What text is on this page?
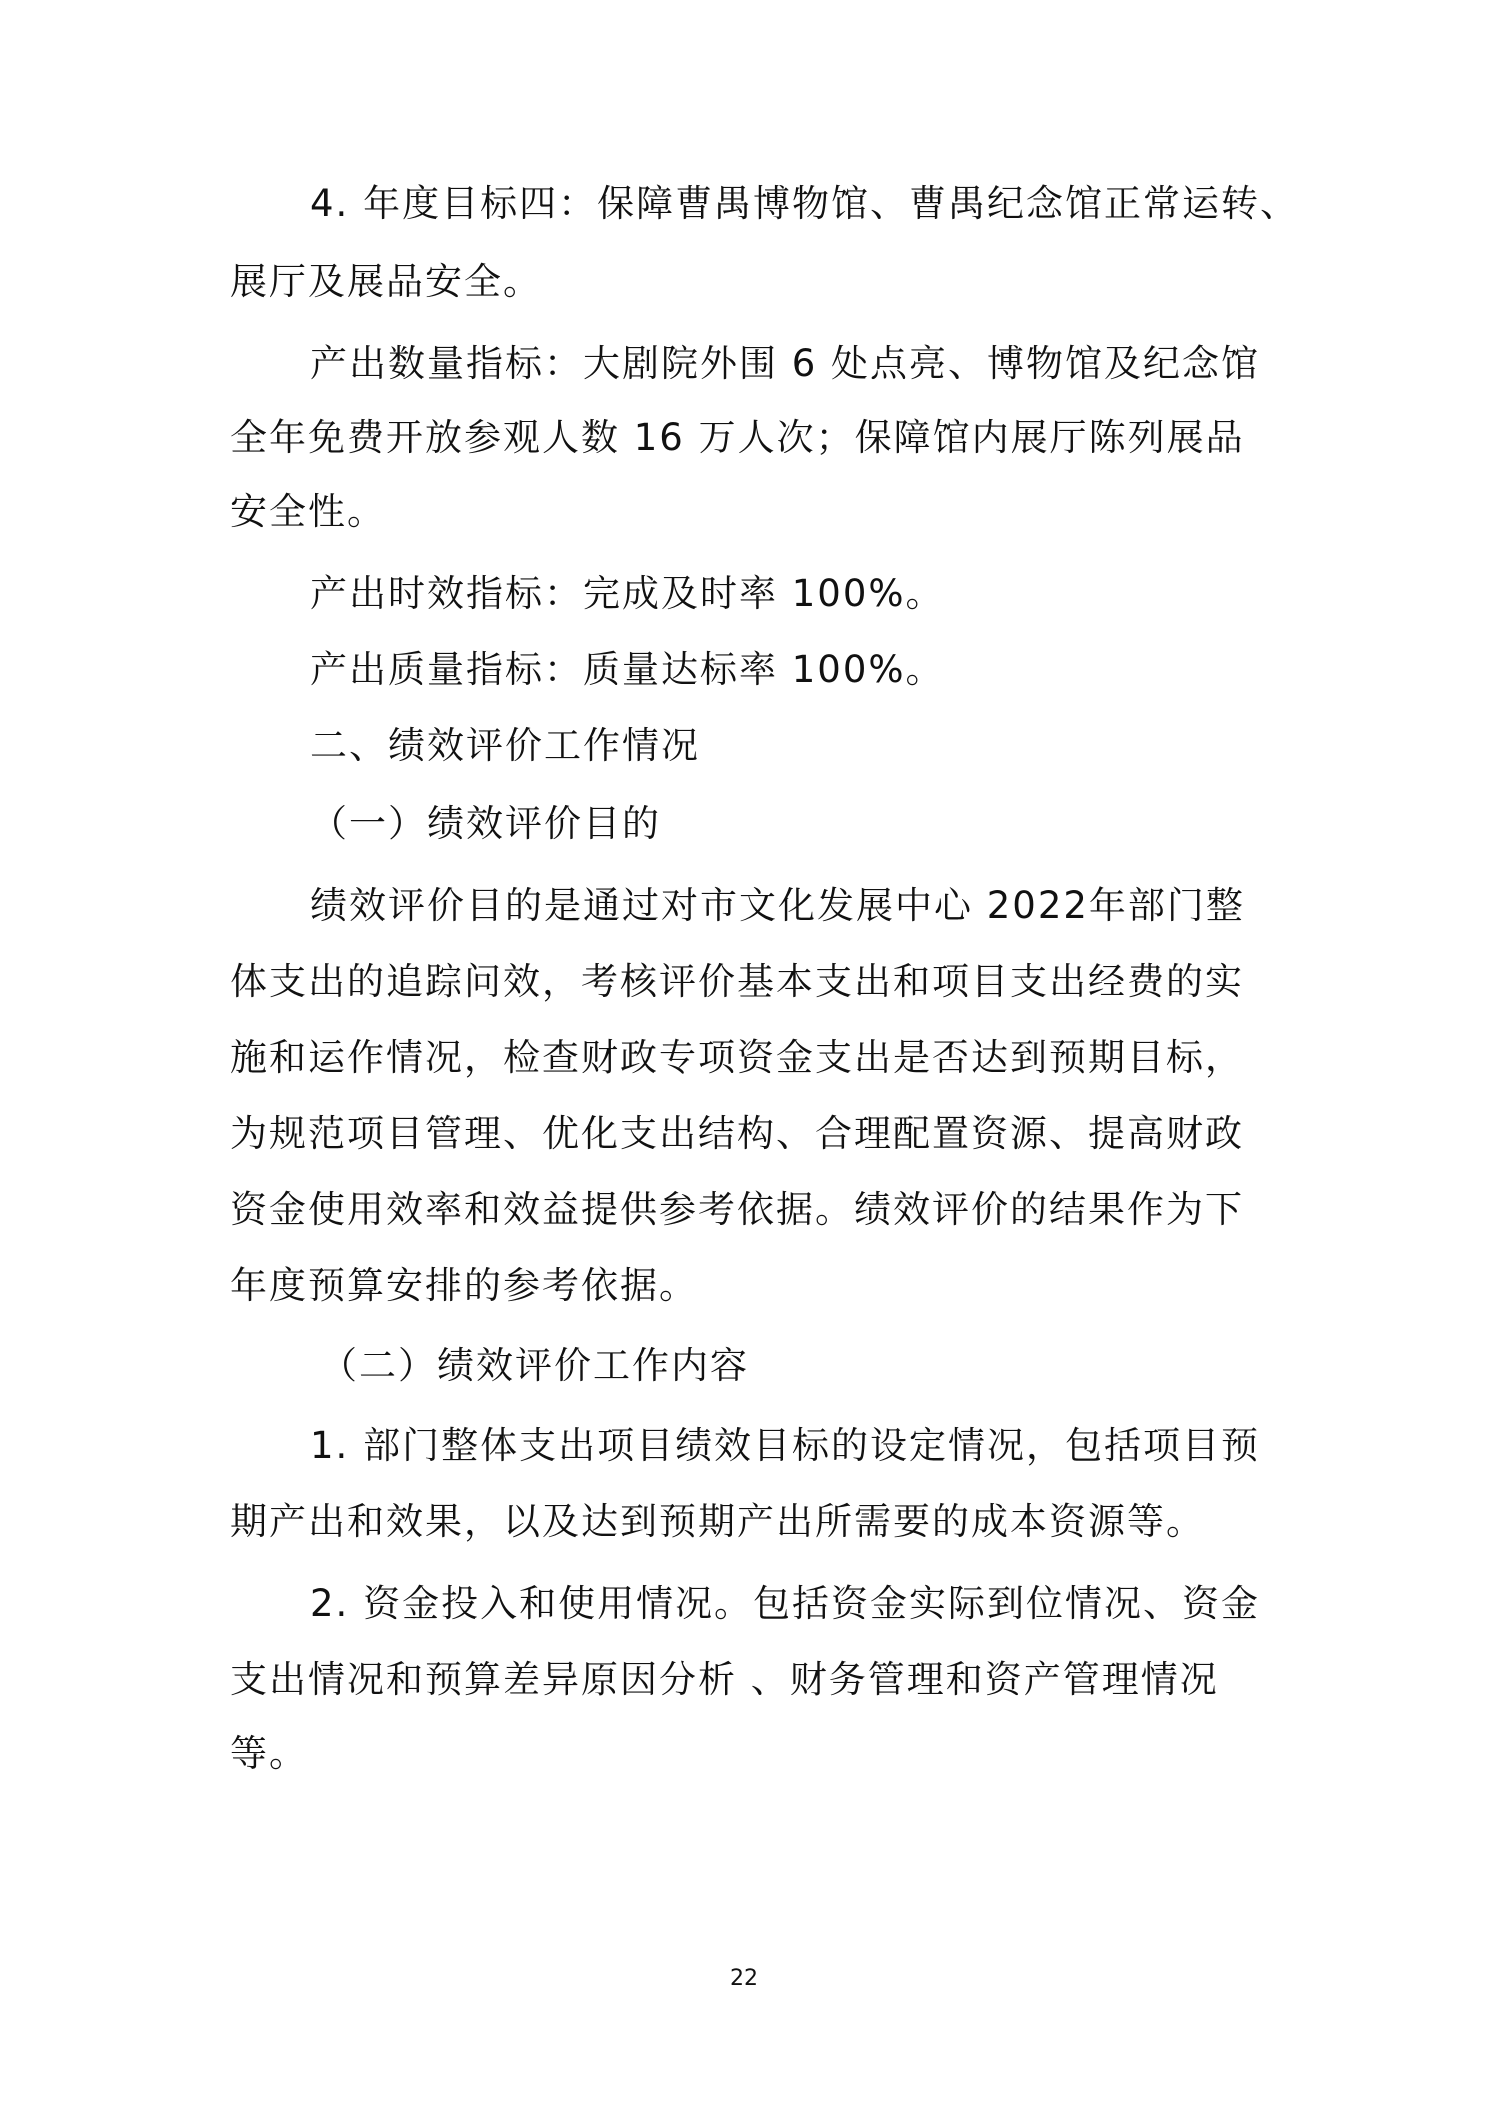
4. 年度目标四：保障曹禺博物馆、曹禺纪念馆正常运转、
展厅及展品安全。
产出数量指标：大剧院外围 6 处点亮、博物馆及纪念馆
全年免费开放参观人数 16 万人次；保障馆内展厅陈列展品
安全性。
产出时效指标：完成及时率 100%。
产出质量指标：质量达标率 100%。
二、绩效评价工作情况
（一）绩效评价目的
绩效评价目的是通过对市文化发展中心 2022年部门整
体支出的追踪问效，考核评价基本支出和项目支出经费的实
施和运作情况，检查财政专项资金支出是否达到预期目标，
为规范项目管理、优化支出结构、合理配置资源、提高财政
资金使用效率和效益提供参考依据。绩效评价的结果作为下
年度预算安排的参考依据。
（二）绩效评价工作内容
1. 部门整体支出项目绩效目标的设定情况，包括项目预
期产出和效果，以及达到预期产出所需要的成本资源等。
2. 资金投入和使用情况。包括资金实际到位情况、资金
支出情况和预算差异原因分析 、财务管理和资产管理情况
等。
22
